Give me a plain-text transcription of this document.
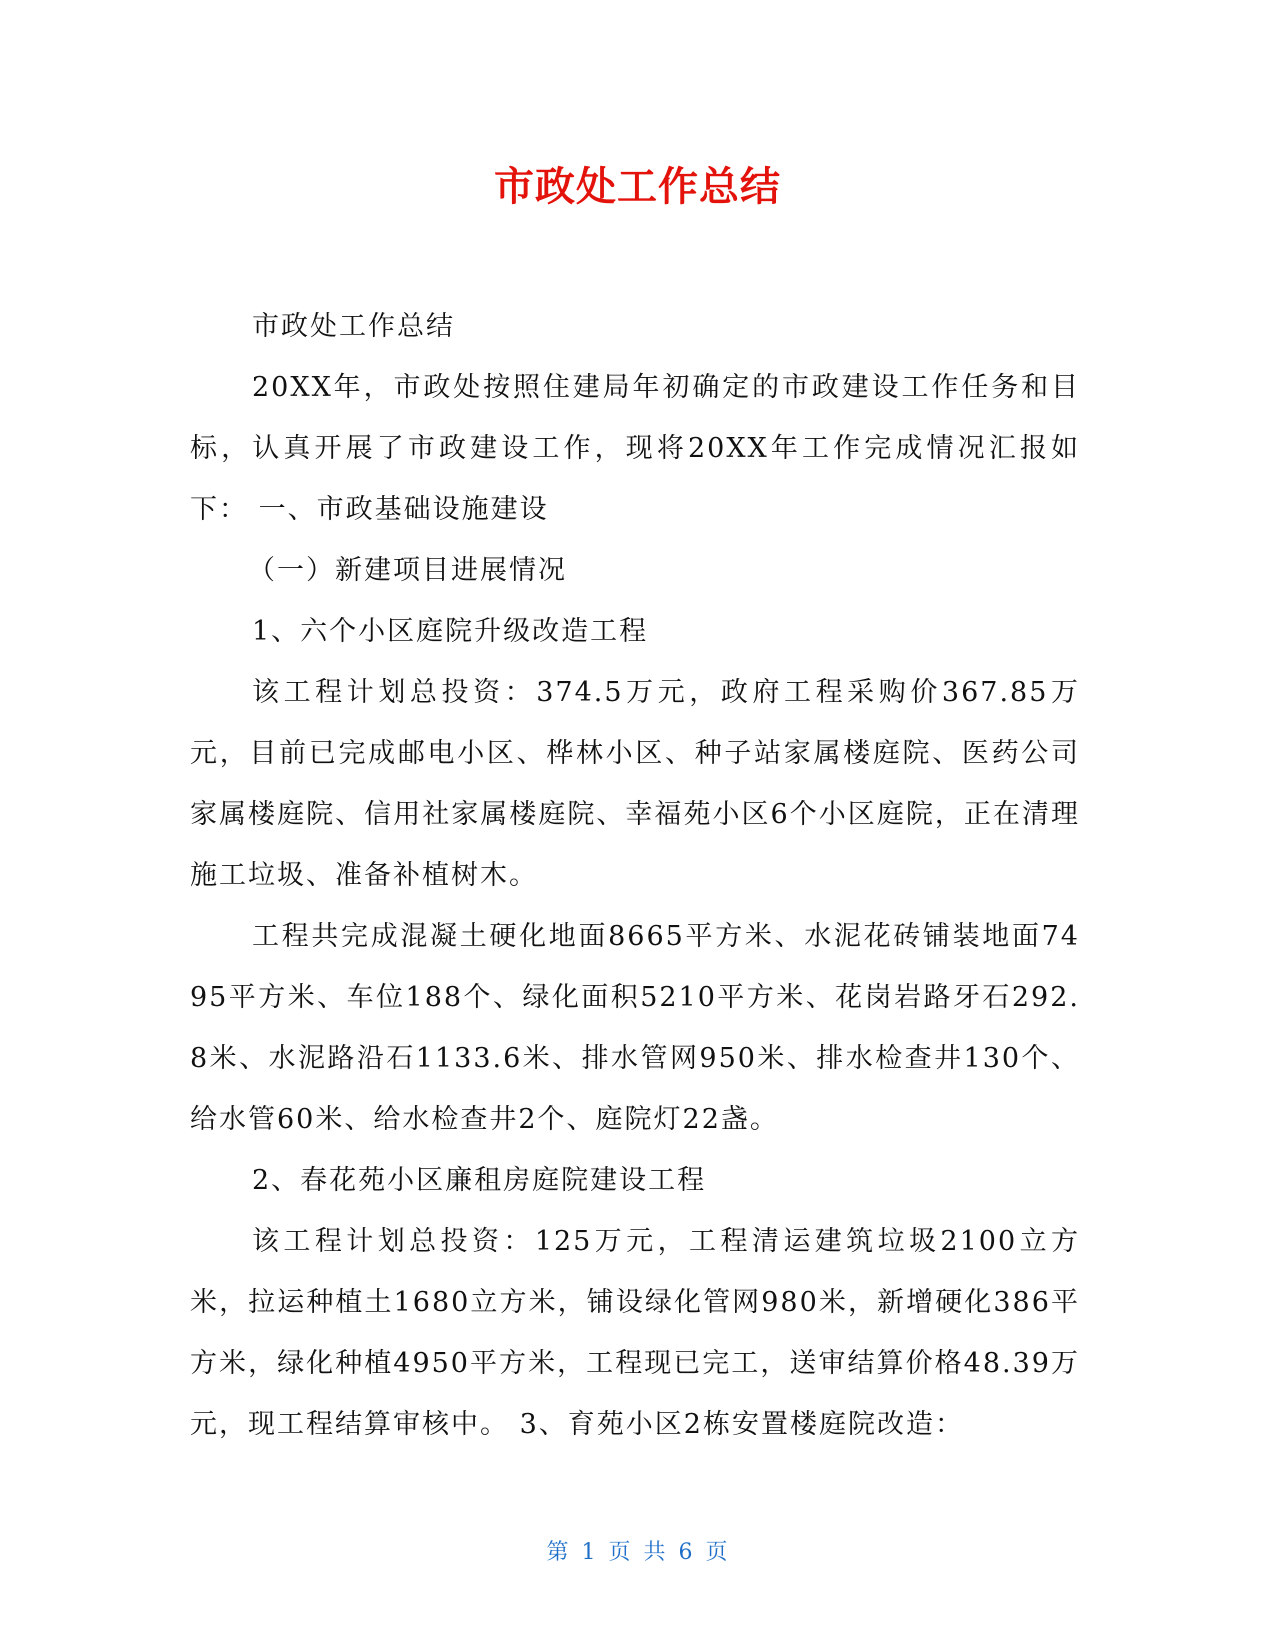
市政处工作总结

市政处工作总结

20XX年，市政处按照住建局年初确定的市政建设工作任务和目标，认真开展了市政建设工作，现将20XX年工作完成情况汇报如下： 一、市政基础设施建设

（一）新建项目进展情况

1、六个小区庭院升级改造工程

该工程计划总投资：374.5万元，政府工程采购价367.85万元，目前已完成邮电小区、桦林小区、种子站家属楼庭院、医药公司家属楼庭院、信用社家属楼庭院、幸福苑小区6个小区庭院，正在清理施工垃圾、准备补植树木。

工程共完成混凝土硬化地面8665平方米、水泥花砖铺装地面7495平方米、车位188个、绿化面积5210平方米、花岗岩路牙石292.8米、水泥路沿石1133.6米、排水管网950米、排水检查井130个、给水管60米、给水检查井2个、庭院灯22盏。

2、春花苑小区廉租房庭院建设工程

该工程计划总投资：125万元，工程清运建筑垃圾2100立方米，拉运种植土1680立方米，铺设绿化管网980米，新增硬化386平方米，绿化种植4950平方米，工程现已完工，送审结算价格48.39万元，现工程结算审核中。 3、育苑小区2栋安置楼庭院改造：

第 1 页 共 6 页
